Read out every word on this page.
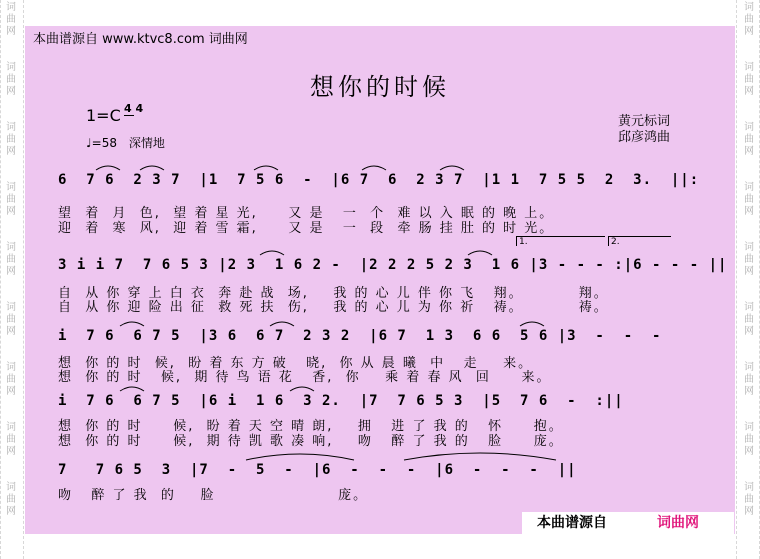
词
曲
网
词
曲
网
词
曲
网
词
曲
网
词
曲
网
词
曲
网
词
曲
网
词
曲
网
词
曲
网
词
曲
网
词
曲
网
词
曲
网
词
曲
网
词
曲
网
词
曲
网
词
曲
网
词
曲
网
词
曲
网
本曲谱源自 www.ktvc8.com 词曲网
想你的时候
1=C 4 4
♩=58 深情地
黄元标词
邱彦鸿曲
6  7 6  2 3 7  |1  7 5 6  -  |6 7  6  2 3 7  |1 1  7 5 5  2  3.  ||:
望  着  月  色,  望 着 星 光,     又 是   一  个  难 以 入 眠 的 晚 上。
迎  着  寒  风,  迎 着 雪 霜,     又 是   一  段  牵 肠 挂 肚 的 时 光。
1.	2.
3 i i 7  7 6 5 3 |2 3  1 6 2 -  |2 2 2 5 2 3  1 6 |3 - - - :|6 - - - ||
自  从 你 穿 上 白 衣  奔 赴 战  场,    我 的 心 儿 伴 你 飞   翔。         翔。
自  从 你 迎 险 出 征  救 死 扶  伤,    我 的 心 儿 为 你 祈   祷。         祷。
i  7 6  6 7 5  |3 6  6 7  2 3 2  |6 7  1 3  6 6  5 6 |3  -  -  -
想  你 的 时  候,  盼 着 东 方 破   晓,  你 从 晨 曦  中   走    来。
想  你 的 时   候,  期 待 鸟 语 花   香,  你    乘 着 春 风  回     来。
i  7 6  6 7 5  |6 i  1 6  3 2.  |7  7 6 5 3  |5  7 6  -  :||
想  你 的 时     候,  盼 着 天 空 晴 朗,    拥   进 了 我 的   怀     抱。
想  你 的 时     候,  期 待 凯 歌 凑 响,    吻   醉 了 我 的   脸     庞。
7   7 6 5  3  |7  -  5  -  |6  -  -  -  |6  -  -  -  ||
吻   醉 了 我  的    脸                    庞。
本曲谱源自	词曲网
